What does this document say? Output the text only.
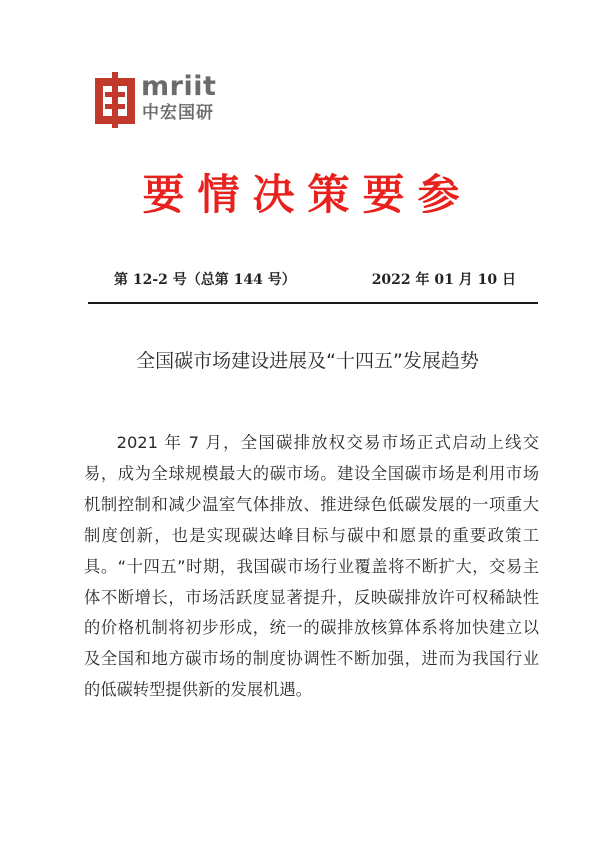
mriit
中宏国研
要情决策要参
第 12-2 号（总第 144 号）	2022 年 01 月 10 日
全国碳市场建设进展及“十四五”发展趋势

2021 年 7 月，全国碳排放权交易市场正式启动上线交易，成为全球规模最大的碳市场。建设全国碳市场是利用市场机制控制和减少温室气体排放、推进绿色低碳发展的一项重大制度创新，也是实现碳达峰目标与碳中和愿景的重要政策工具。“十四五”时期，我国碳市场行业覆盖将不断扩大，交易主体不断增长，市场活跃度显著提升，反映碳排放许可权稀缺性的价格机制将初步形成，统一的碳排放核算体系将加快建立以及全国和地方碳市场的制度协调性不断加强，进而为我国行业的低碳转型提供新的发展机遇。
